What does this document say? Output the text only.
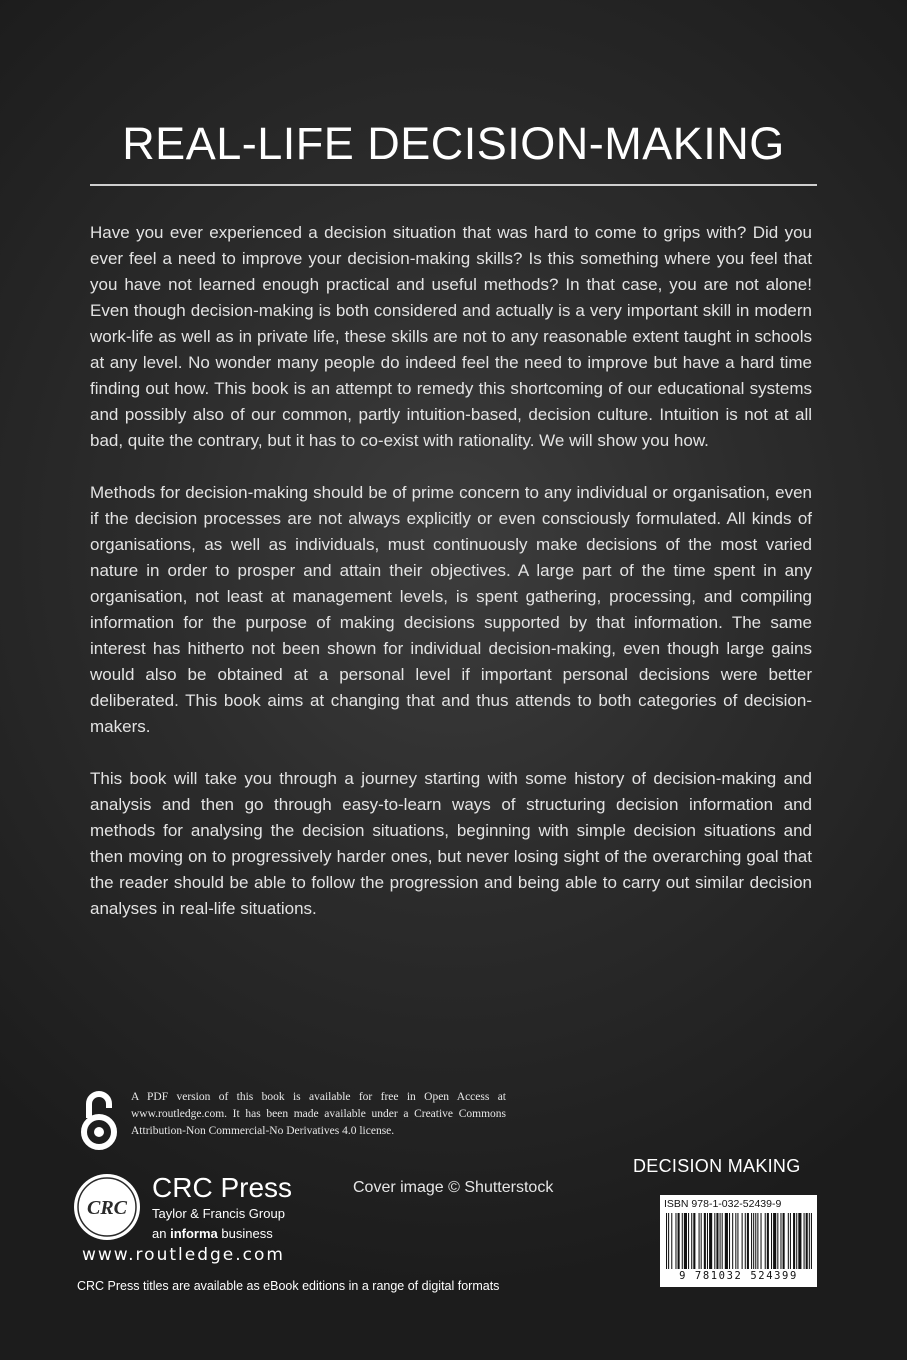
REAL-LIFE DECISION-MAKING

Have you ever experienced a decision situation that was hard to come to grips with? Did you ever feel a need to improve your decision-making skills? Is this something where you feel that you have not learned enough practical and useful methods? In that case, you are not alone! Even though decision-making is both considered and actually is a very important skill in modern work-life as well as in private life, these skills are not to any reasonable extent taught in schools at any level. No wonder many people do indeed feel the need to improve but have a hard time finding out how. This book is an attempt to remedy this shortcoming of our educational systems and possibly also of our common, partly intuition-based, decision culture. Intuition is not at all bad, quite the contrary, but it has to co-exist with rationality. We will show you how.

Methods for decision-making should be of prime concern to any individual or organisation, even if the decision processes are not always explicitly or even consciously formulated. All kinds of organisations, as well as individuals, must continuously make decisions of the most varied nature in order to prosper and attain their objectives. A large part of the time spent in any organisation, not least at management levels, is spent gathering, processing, and compiling information for the purpose of making decisions supported by that information. The same interest has hitherto not been shown for individual decision-making, even though large gains would also be obtained at a personal level if important personal decisions were better deliberated. This book aims at changing that and thus attends to both categories of decision-makers.

This book will take you through a journey starting with some history of decision-making and analysis and then go through easy-to-learn ways of structuring decision information and methods for analysing the decision situations, beginning with simple decision situations and then moving on to progressively harder ones, but never losing sight of the overarching goal that the reader should be able to follow the progression and being able to carry out similar decision analyses in real-life situations.

A PDF version of this book is available for free in Open Access at www.routledge.com. It has been made available under a Creative Commons Attribution-Non Commercial-No Derivatives 4.0 license.
CRC
CRC Press
Taylor & Francis Group
an informa business
www.routledge.com
CRC Press titles are available as eBook editions in a range of digital formats
Cover image © Shutterstock
DECISION MAKING
ISBN 978-1-032-52439-9
9 781032 524399
